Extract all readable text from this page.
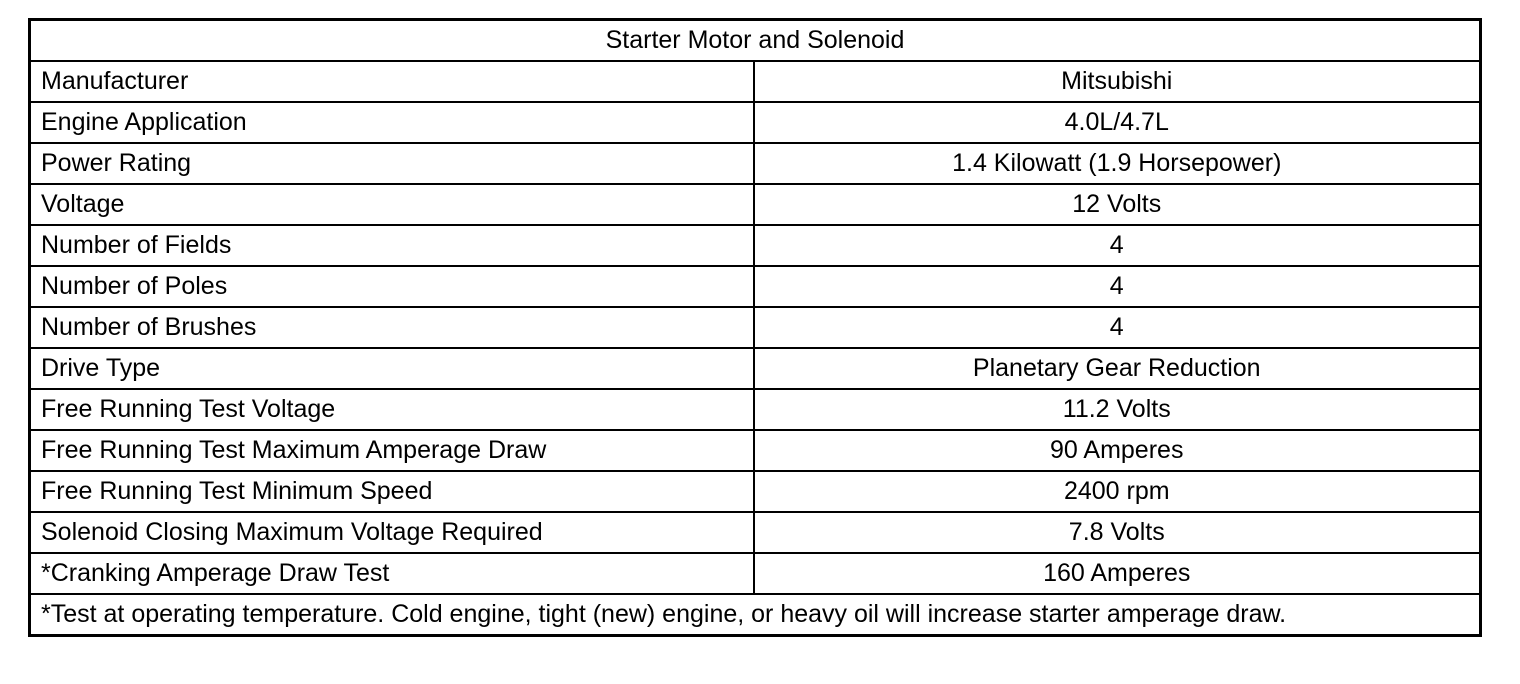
Starter Motor and Solenoid	
Manufacturer	Mitsubishi
Engine Application	4.0L/4.7L
Power Rating	1.4 Kilowatt (1.9 Horsepower)
Voltage	12 Volts
Number of Fields	4
Number of Poles	4
Number of Brushes	4
Drive Type	Planetary Gear Reduction
Free Running Test Voltage	11.2 Volts
Free Running Test Maximum Amperage Draw	90 Amperes
Free Running Test Minimum Speed	2400 rpm
Solenoid Closing Maximum Voltage Required	7.8 Volts
*Cranking Amperage Draw Test	160 Amperes
*Test at operating temperature. Cold engine, tight (new) engine, or heavy oil will increase starter amperage draw.	
